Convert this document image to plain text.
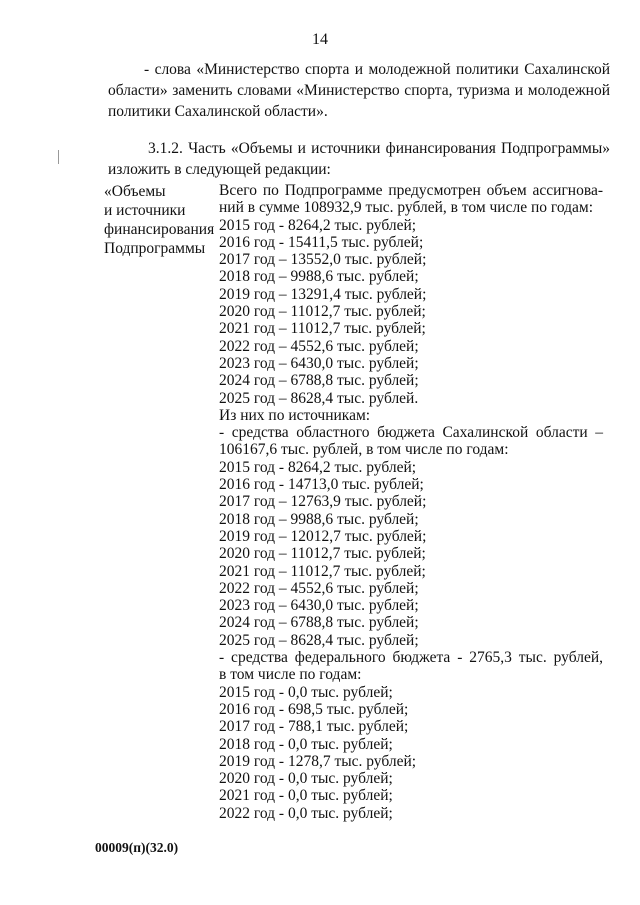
14
- слова «Министерство спорта и молодежной политики Сахалинской
области» заменить словами «Министерство спорта, туризма и молодежной
политики Сахалинской области».
3.1.2. Часть «Объемы и источники финансирования Подпрограммы»
изложить в следующей редакции:
«Объемы
и источники
финансирования
Подпрограммы
Всего по Подпрограмме предусмотрен объем ассигнова-
ний в сумме 108932,9 тыс. рублей, в том числе по годам:
2015 год - 8264,2 тыс. рублей;
2016 год - 15411,5 тыс. рублей;
2017 год – 13552,0 тыс. рублей;
2018 год – 9988,6 тыс. рублей;
2019 год – 13291,4 тыс. рублей;
2020 год – 11012,7 тыс. рублей;
2021 год – 11012,7 тыс. рублей;
2022 год – 4552,6 тыс. рублей;
2023 год – 6430,0 тыс. рублей;
2024 год – 6788,8 тыс. рублей;
2025 год – 8628,4 тыс. рублей.
Из них по источникам:
- средства областного бюджета Сахалинской области –
106167,6 тыс. рублей, в том числе по годам:
2015 год - 8264,2 тыс. рублей;
2016 год - 14713,0 тыс. рублей;
2017 год – 12763,9 тыс. рублей;
2018 год – 9988,6 тыс. рублей;
2019 год – 12012,7 тыс. рублей;
2020 год – 11012,7 тыс. рублей;
2021 год – 11012,7 тыс. рублей;
2022 год – 4552,6 тыс. рублей;
2023 год – 6430,0 тыс. рублей;
2024 год – 6788,8 тыс. рублей;
2025 год – 8628,4 тыс. рублей;
- средства федерального бюджета - 2765,3 тыс. рублей,
в том числе по годам:
2015 год - 0,0 тыс. рублей;
2016 год - 698,5 тыс. рублей;
2017 год - 788,1 тыс. рублей;
2018 год - 0,0 тыс. рублей;
2019 год - 1278,7 тыс. рублей;
2020 год - 0,0 тыс. рублей;
2021 год - 0,0 тыс. рублей;
2022 год - 0,0 тыс. рублей;
00009(п)(32.0)
